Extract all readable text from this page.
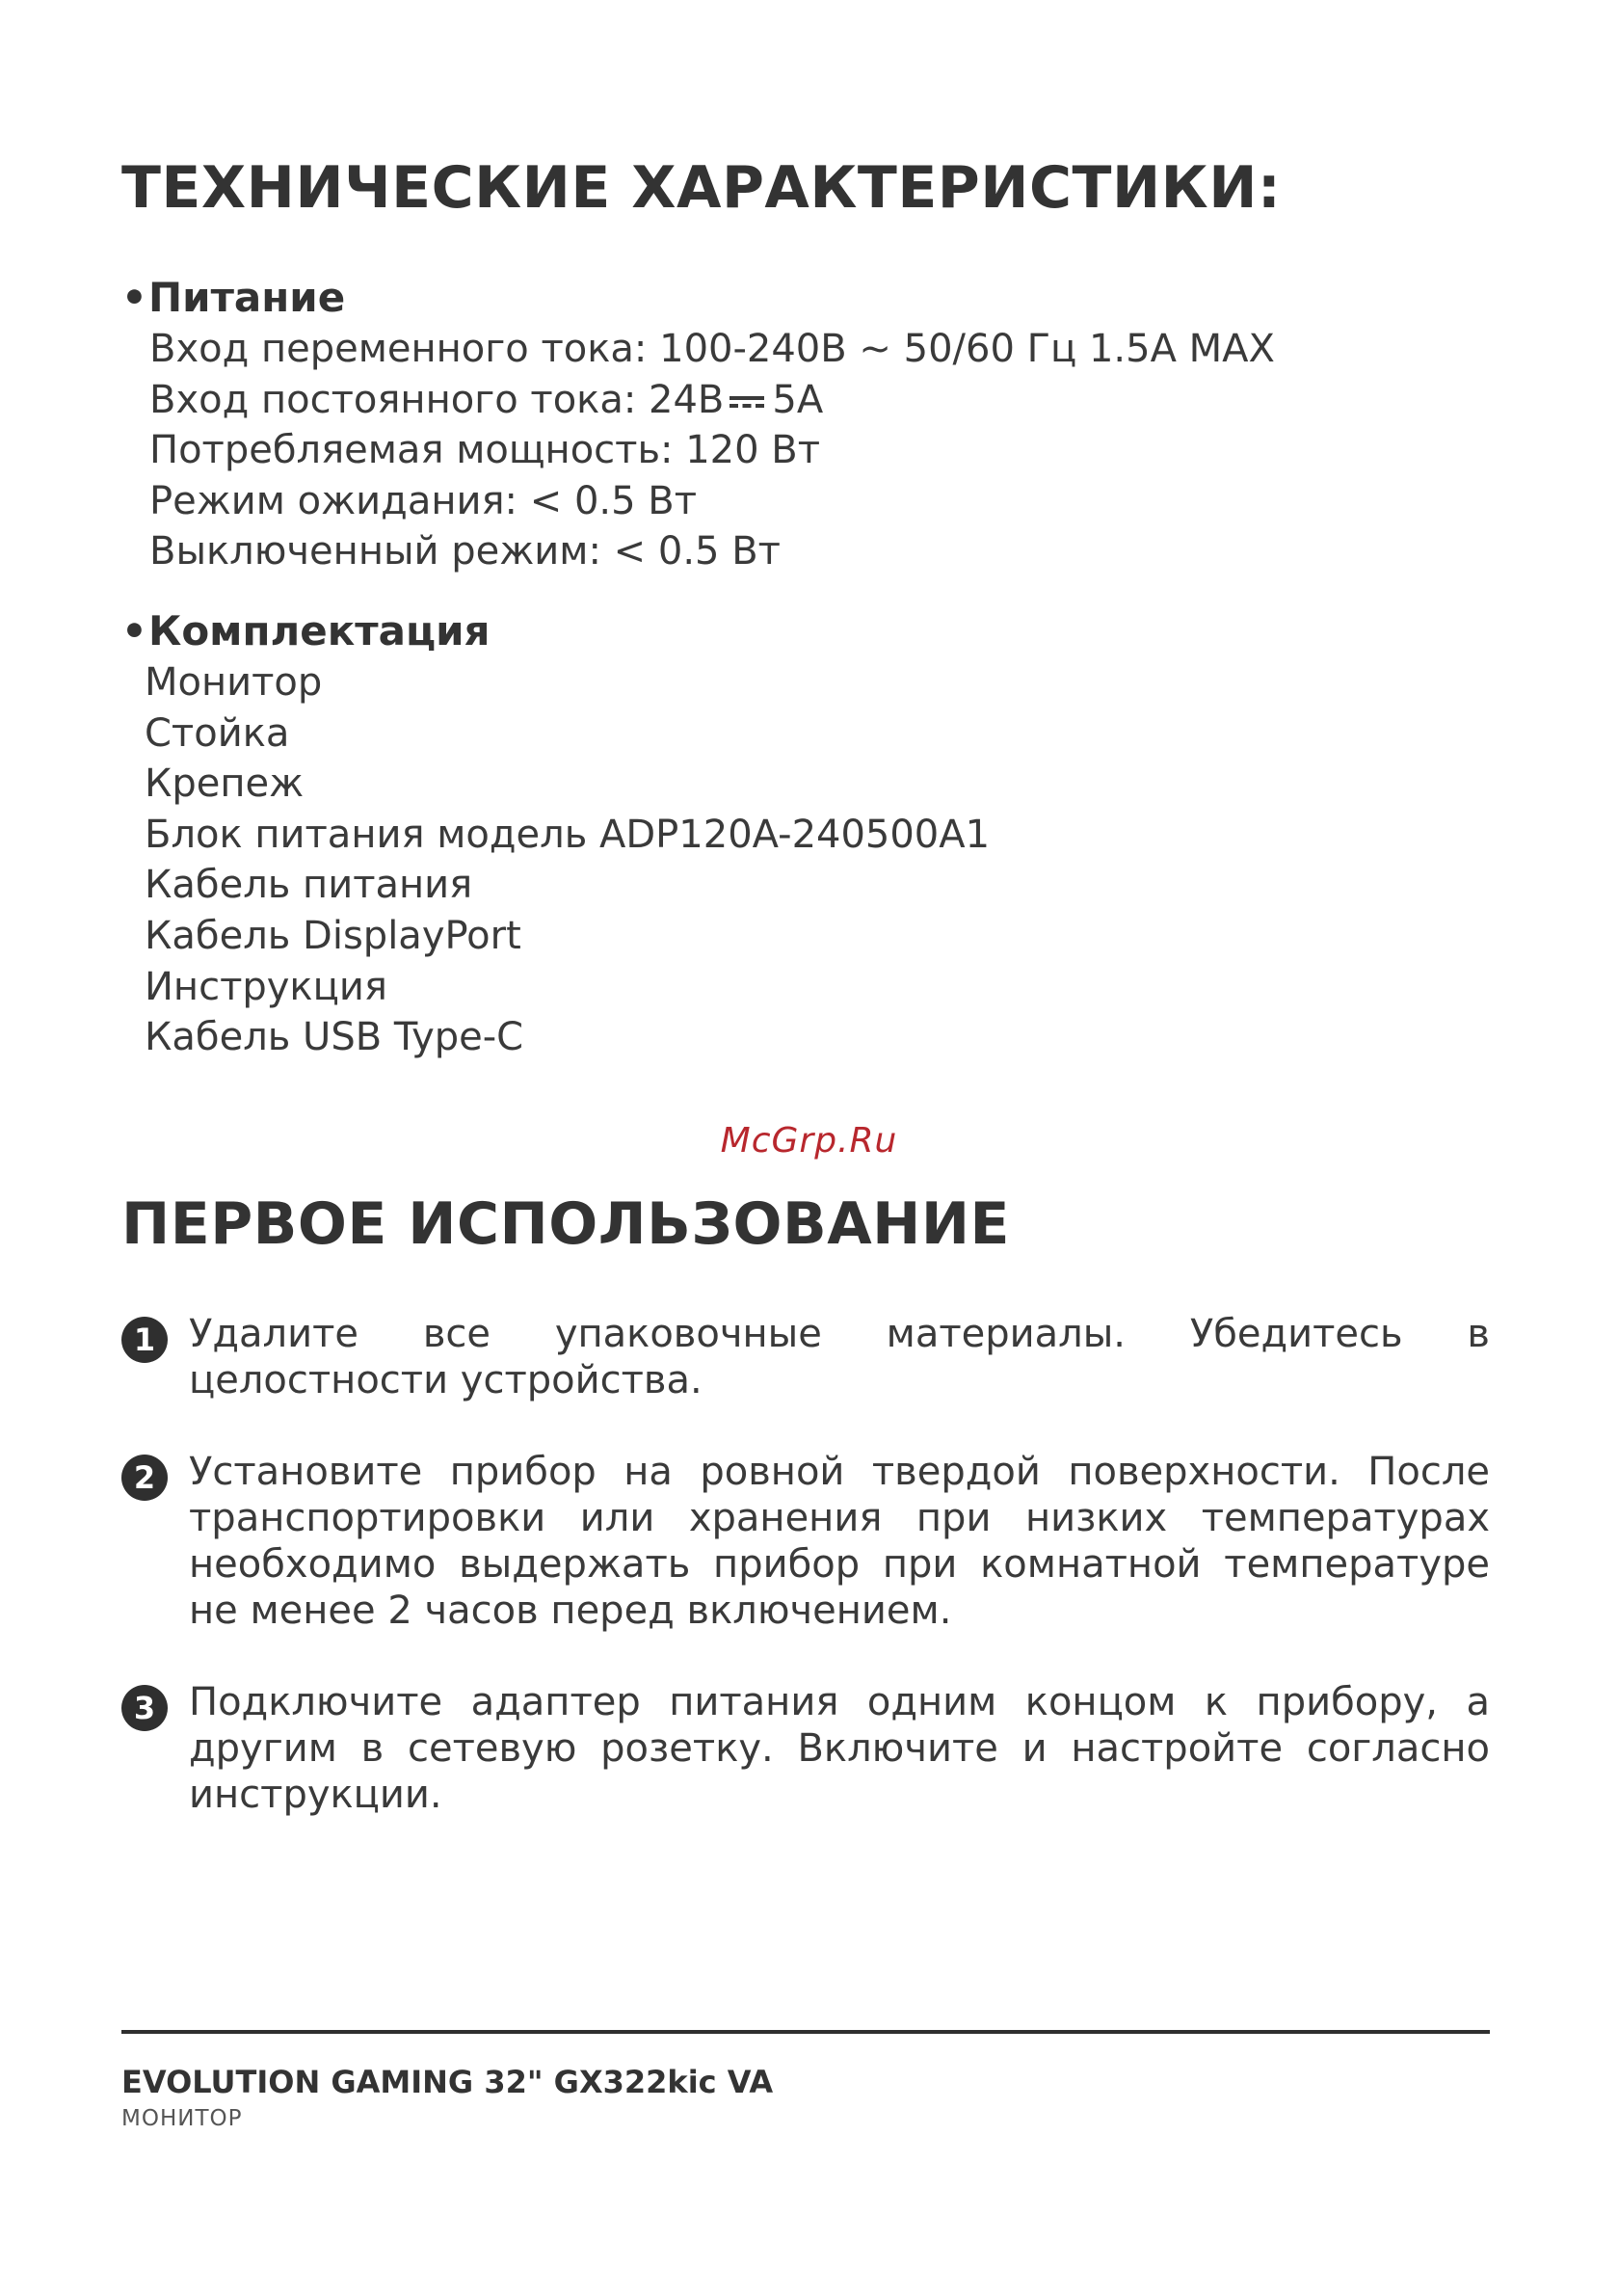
ТЕХНИЧЕСКИЕ ХАРАКТЕРИСТИКИ:
•Питание
Вход переменного тока: 100-240В ~ 50/60 Гц 1.5А MAX
Вход постоянного тока: 24В 5А
Потребляемая мощность: 120 Вт
Режим ожидания: < 0.5 Вт
Выключенный режим: < 0.5 Вт
•Комплектация
Монитор
Стойка
Крепеж
Блок питания модель ADP120A-240500A1
Кабель питания
Кабель DisplayPort
Инструкция
Кабель USB Type-C
McGrp.Ru
ПЕРВОЕ ИСПОЛЬЗОВАНИЕ
1 Удалите все упаковочные материалы. Убедитесь в целостности устройства.

2 Установите прибор на ровной твердой поверхности. После транспортировки или хранения при низких температурах необходимо выдержать прибор при комнатной температуре не менее 2 часов перед включением.

3 Подключите адаптер питания одним концом к прибору, а другим в сетевую розетку. Включите и настройте согласно инструкции.

EVOLUTION GAMING 32" GX322kic VA
МОНИТОР
